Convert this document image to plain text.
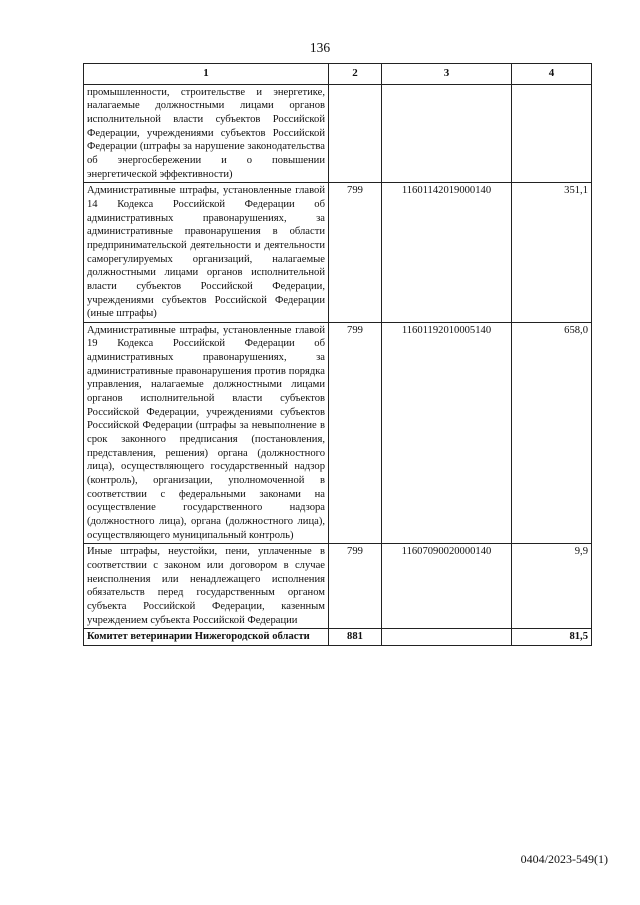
136
1	2	3	4
промышленности, строительстве и энергетике, налагаемые должностными лицами органов исполнительной власти субъектов Российской Федерации, учреждениями субъектов Российской Федерации (штрафы за нарушение законодательства об энергосбережении и о повышении энергетической эффективности)			
Административные штрафы, установленные главой 14 Кодекса Российской Федерации об административных правонарушениях, за административные правонарушения в области предпринимательской деятельности и деятельности саморегулируемых организаций, налагаемые должностными лицами органов исполнительной власти субъектов Российской Федерации, учреждениями субъектов Российской Федерации (иные штрафы)	799	11601142019000140	351,1
Административные штрафы, установленные главой 19 Кодекса Российской Федерации об административных правонарушениях, за административные правонарушения против порядка управления, налагаемые должностными лицами органов исполнительной власти субъектов Российской Федерации, учреждениями субъектов Российской Федерации (штрафы за невыполнение в срок законного предписания (постановления, представления, решения) органа (должностного лица), осуществляющего государственный надзор (контроль), организации, уполномоченной в соответствии с федеральными законами на осуществление государственного надзора (должностного лица), органа (должностного лица), осуществляющего муниципальный контроль)	799	11601192010005140	658,0
Иные штрафы, неустойки, пени, уплаченные в соответствии с законом или договором в случае неисполнения или ненадлежащего исполнения обязательств перед государственным органом субъекта Российской Федерации, казенным учреждением субъекта Российской Федерации	799	11607090020000140	9,9
Комитет ветеринарии Нижегородской области	881		81,5
0404/2023-549(1)
